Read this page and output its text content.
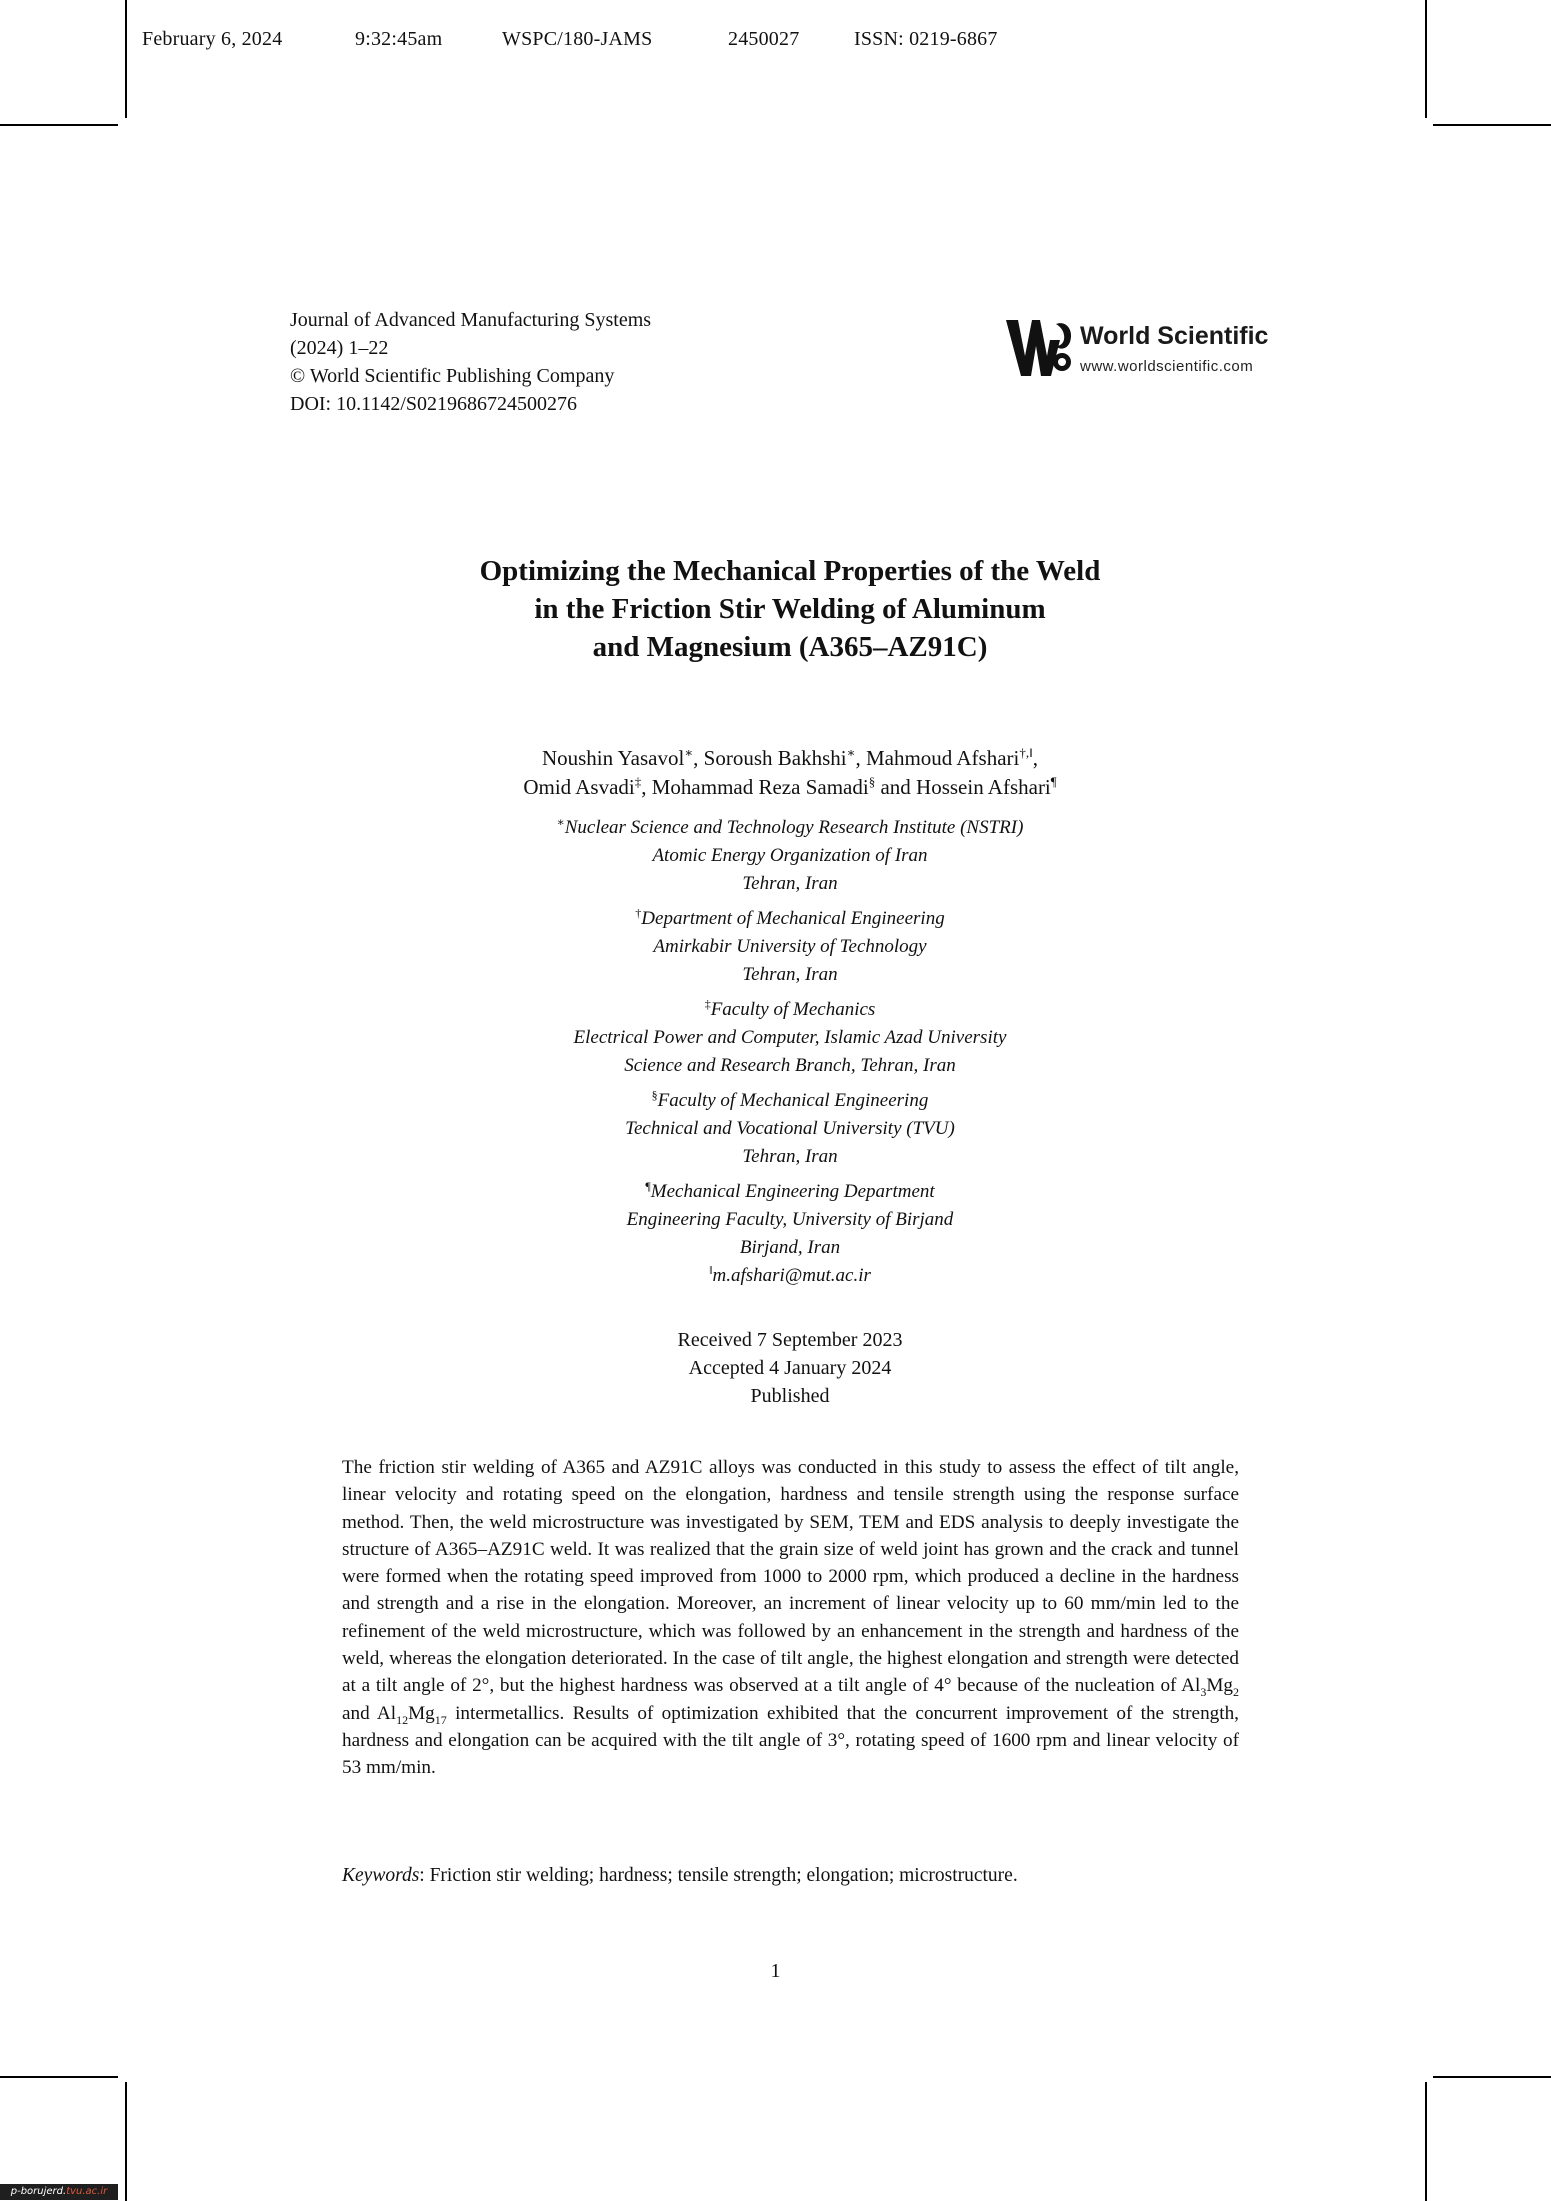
February 6, 2024	9:32:45am	WSPC/180-JAMS	2450027	ISSN: 0219-6867
Journal of Advanced Manufacturing Systems
(2024) 1–22
© World Scientific Publishing Company
DOI: 10.1142/S0219686724500276
World Scientific
www.worldscientific.com
Optimizing the Mechanical Properties of the Weld
in the Friction Stir Welding of Aluminum
and Magnesium (A365–AZ91C)
Noushin Yasavol∗, Soroush Bakhshi∗, Mahmoud Afshari†,‖,
Omid Asvadi‡, Mohammad Reza Samadi§ and Hossein Afshari¶
∗Nuclear Science and Technology Research Institute (NSTRI)
Atomic Energy Organization of Iran
Tehran, Iran
†Department of Mechanical Engineering
Amirkabir University of Technology
Tehran, Iran
‡Faculty of Mechanics
Electrical Power and Computer, Islamic Azad University
Science and Research Branch, Tehran, Iran
§Faculty of Mechanical Engineering
Technical and Vocational University (TVU)
Tehran, Iran
¶Mechanical Engineering Department
Engineering Faculty, University of Birjand
Birjand, Iran
‖m.afshari@mut.ac.ir
Received 7 September 2023
Accepted 4 January 2024
Published

The friction stir welding of A365 and AZ91C alloys was conducted in this study to assess the effect of tilt angle, linear velocity and rotating speed on the elongation, hardness and tensile strength using the response surface method. Then, the weld microstructure was investigated by SEM, TEM and EDS analysis to deeply investigate the structure of A365–AZ91C weld. It was realized that the grain size of weld joint has grown and the crack and tunnel were formed when the rotating speed improved from 1000 to 2000 rpm, which produced a decline in the hardness and strength and a rise in the elongation. Moreover, an increment of linear velocity up to 60 mm/min led to the refinement of the weld microstructure, which was followed by an enhancement in the strength and hardness of the weld, whereas the elongation deteriorated. In the case of tilt angle, the highest elongation and strength were detected at a tilt angle of 2°, but the highest hardness was observed at a tilt angle of 4° because of the nucleation of $Al_3Mg_2$ and $Al_{12}Mg_{17}$ intermetallics. Results of optimization exhibited that the concurrent improvement of the strength, hardness and elongation can be acquired with the tilt angle of 3°, rotating speed of 1600 rpm and linear velocity of 53 mm/min.

Keywords: Friction stir welding; hardness; tensile strength; elongation; microstructure.
1
p-borujerd.tvu.ac.ir
